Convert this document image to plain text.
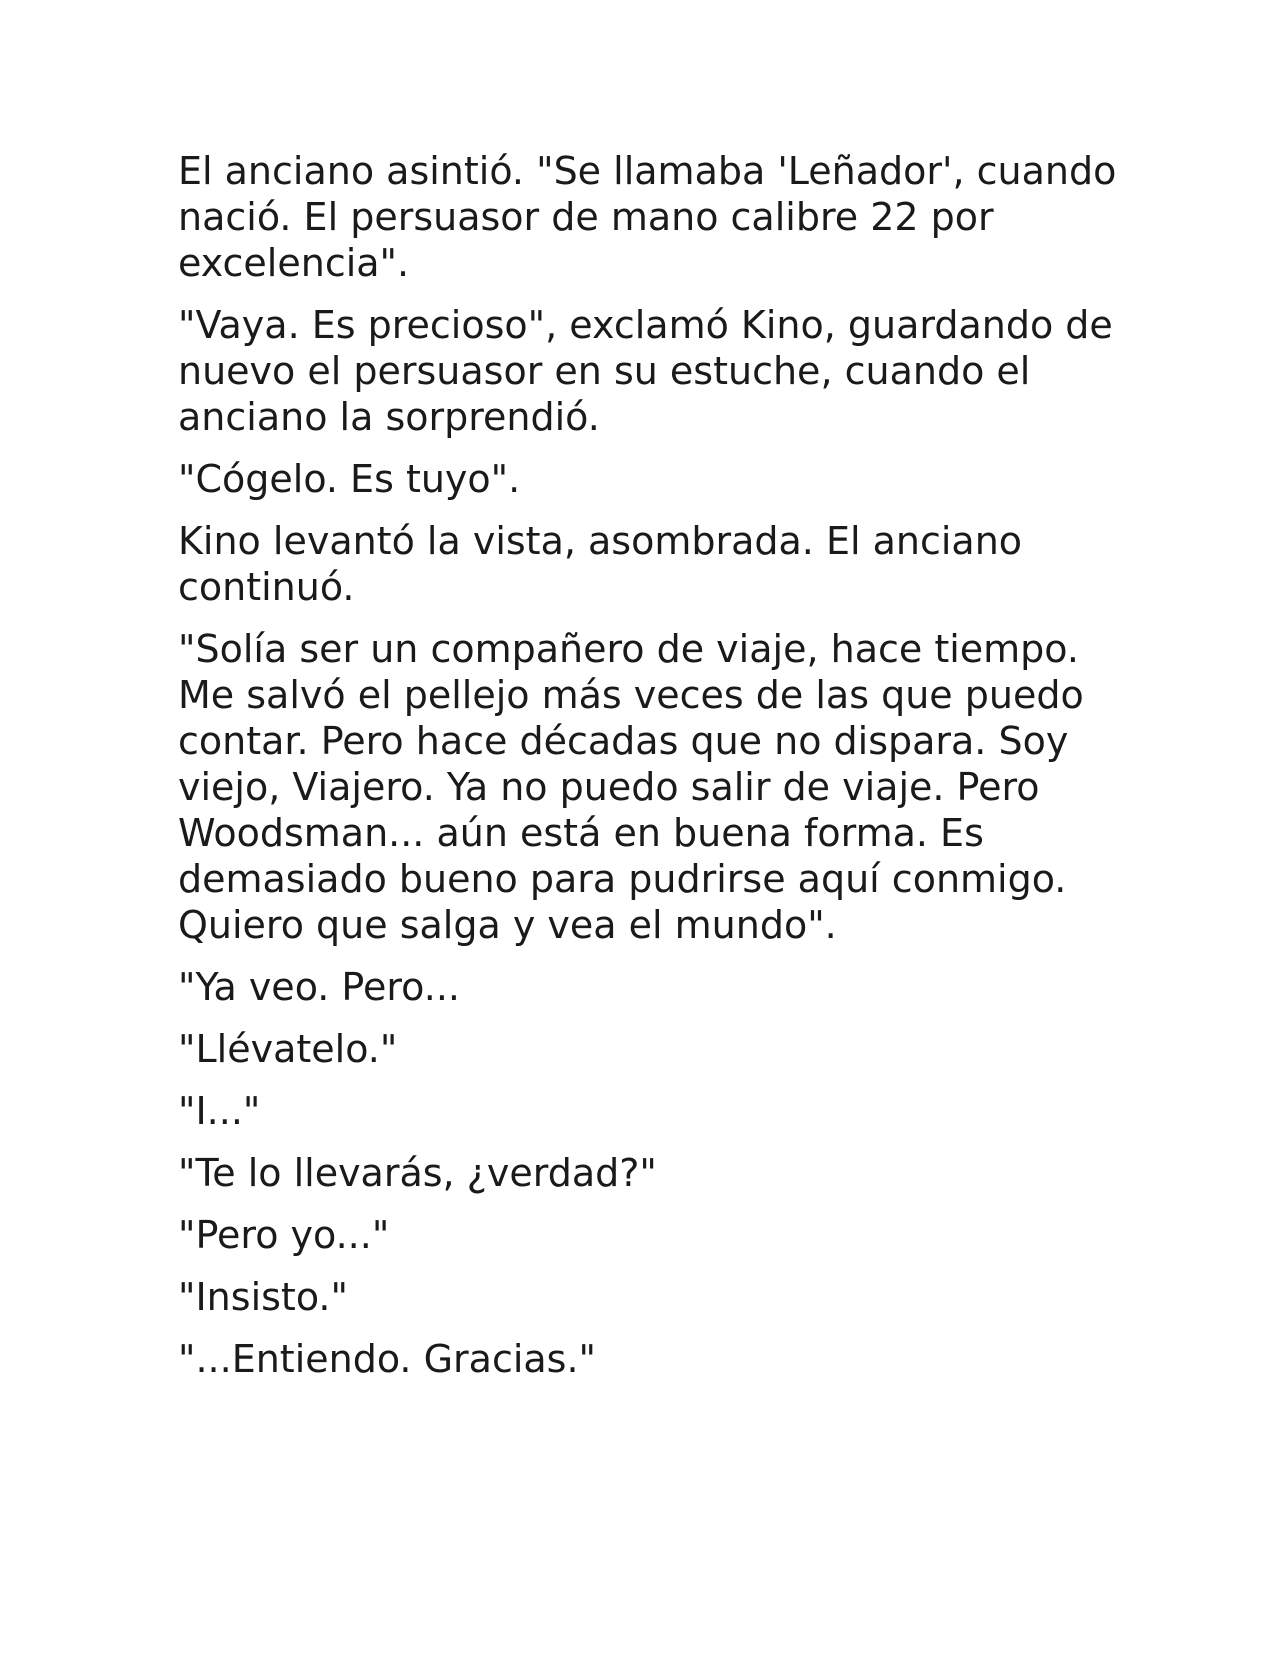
El anciano asintió. "Se llamaba 'Leñador', cuando nació. El persuasor de mano calibre 22 por excelencia".

"Vaya. Es precioso", exclamó Kino, guardando de nuevo el persuasor en su estuche, cuando el anciano la sorprendió.

"Cógelo. Es tuyo".

Kino levantó la vista, asombrada. El anciano continuó.

"Solía ser un compañero de viaje, hace tiempo. Me salvó el pellejo más veces de las que puedo contar. Pero hace décadas que no dispara. Soy viejo, Viajero. Ya no puedo salir de viaje. Pero Woodsman... aún está en buena forma. Es demasiado bueno para pudrirse aquí conmigo. Quiero que salga y vea el mundo".

"Ya veo. Pero...

"Llévatelo."

"I..."

"Te lo llevarás, ¿verdad?"

"Pero yo..."

"Insisto."

"...Entiendo. Gracias."
